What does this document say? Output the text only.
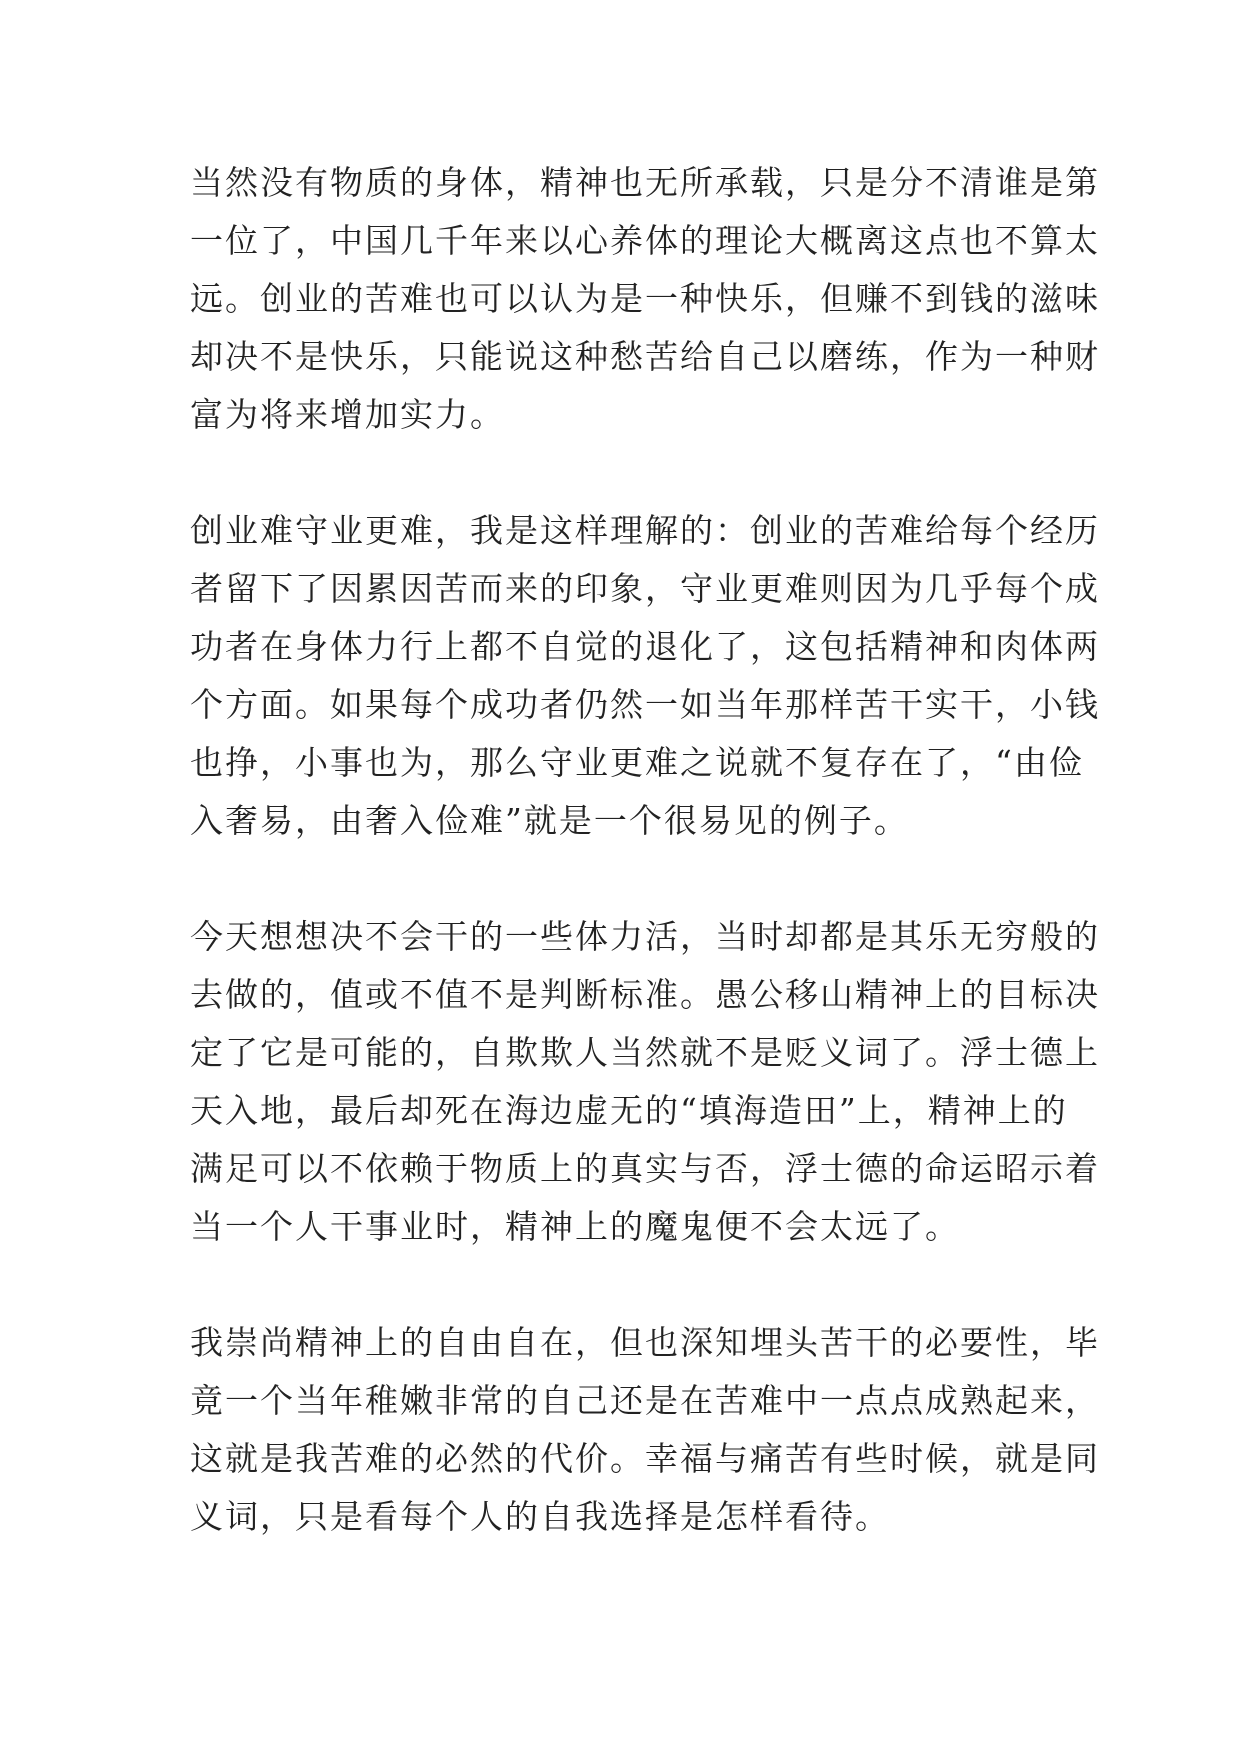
当然没有物质的身体，精神也无所承载，只是分不清谁是第
一位了，中国几千年来以心养体的理论大概离这点也不算太
远。创业的苦难也可以认为是一种快乐，但赚不到钱的滋味
却决不是快乐，只能说这种愁苦给自己以磨练，作为一种财
富为将来增加实力。
创业难守业更难，我是这样理解的：创业的苦难给每个经历
者留下了因累因苦而来的印象，守业更难则因为几乎每个成
功者在身体力行上都不自觉的退化了，这包括精神和肉体两
个方面。如果每个成功者仍然一如当年那样苦干实干，小钱
也挣，小事也为，那么守业更难之说就不复存在了，“由俭
入奢易，由奢入俭难”就是一个很易见的例子。
今天想想决不会干的一些体力活，当时却都是其乐无穷般的
去做的，值或不值不是判断标准。愚公移山精神上的目标决
定了它是可能的，自欺欺人当然就不是贬义词了。浮士德上
天入地，最后却死在海边虚无的“填海造田”上，精神上的
满足可以不依赖于物质上的真实与否，浮士德的命运昭示着
当一个人干事业时，精神上的魔鬼便不会太远了。
我崇尚精神上的自由自在，但也深知埋头苦干的必要性，毕
竟一个当年稚嫩非常的自己还是在苦难中一点点成熟起来，
这就是我苦难的必然的代价。幸福与痛苦有些时候，就是同
义词，只是看每个人的自我选择是怎样看待。
